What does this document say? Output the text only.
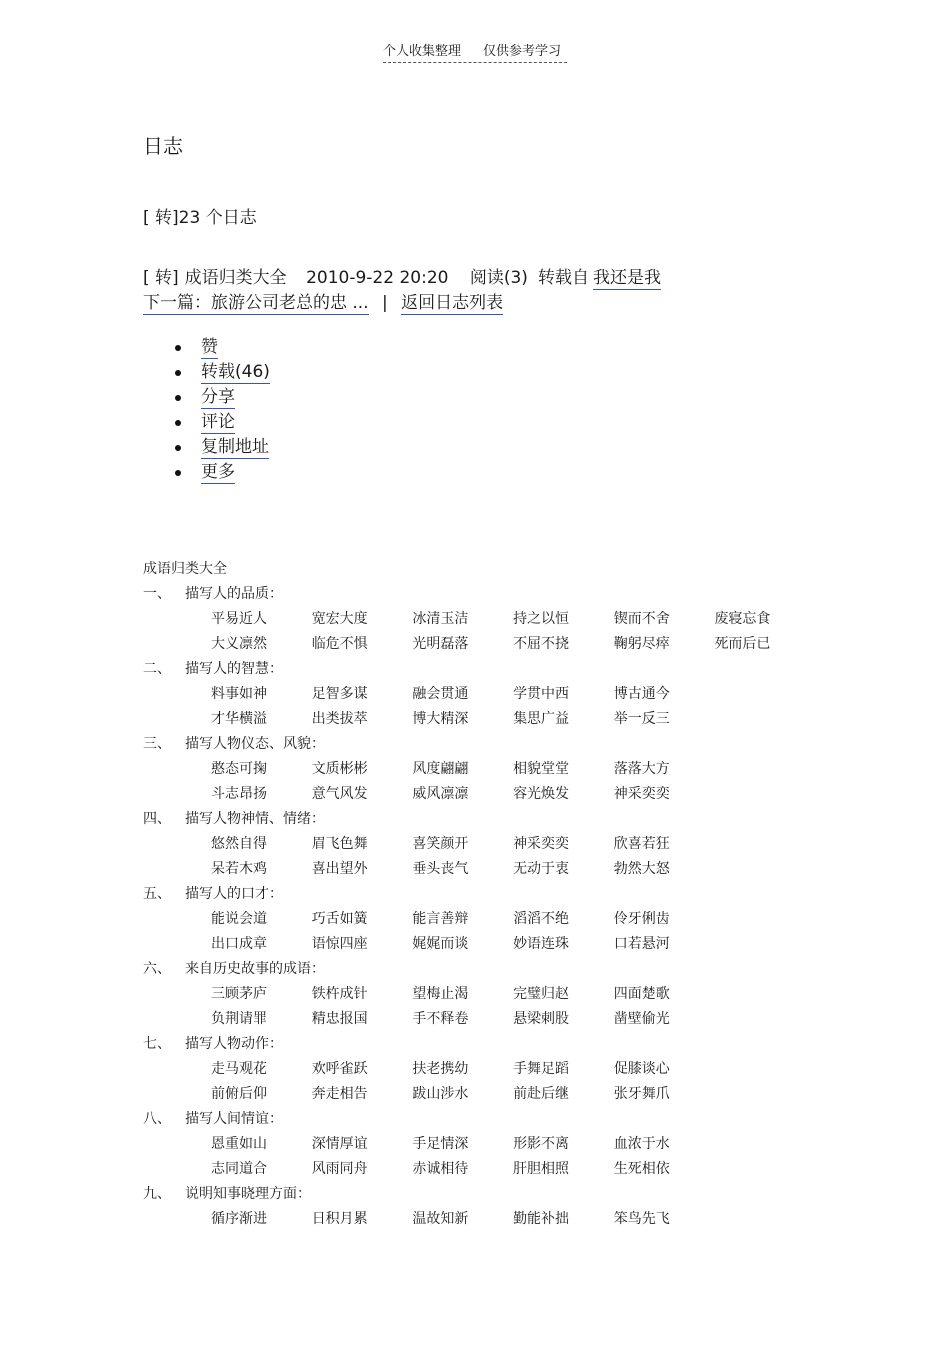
个人收集整理 仅供参考学习
日志
[ 转]23 个日志
[ 转] 成语归类大全 2010-9-22 20:20 阅读(3) 转载自 我还是我
下一篇：旅游公司老总的忠 ... | 返回日志列表
赞
转载(46)
分享
评论
复制地址
更多
成语归类大全
一、 描写人的品质：
平易近人	宽宏大度	冰清玉洁	持之以恒	锲而不舍	废寝忘食
大义凛然	临危不惧	光明磊落	不屈不挠	鞠躬尽瘁	死而后已
二、 描写人的智慧：
料事如神	足智多谋	融会贯通	学贯中西	博古通今
才华横溢	出类拔萃	博大精深	集思广益	举一反三
三、 描写人物仪态、风貌：
憨态可掬	文质彬彬	风度翩翩	相貌堂堂	落落大方
斗志昂扬	意气风发	威风凛凛	容光焕发	神采奕奕
四、 描写人物神情、情绪：
悠然自得	眉飞色舞	喜笑颜开	神采奕奕	欣喜若狂
呆若木鸡	喜出望外	垂头丧气	无动于衷	勃然大怒
五、 描写人的口才：
能说会道	巧舌如簧	能言善辩	滔滔不绝	伶牙俐齿
出口成章	语惊四座	娓娓而谈	妙语连珠	口若悬河
六、 来自历史故事的成语：
三顾茅庐	铁杵成针	望梅止渴	完璧归赵	四面楚歌
负荆请罪	精忠报国	手不释卷	悬梁刺股	凿壁偷光
七、 描写人物动作：
走马观花	欢呼雀跃	扶老携幼	手舞足蹈	促膝谈心
前俯后仰	奔走相告	跋山涉水	前赴后继	张牙舞爪
八、 描写人间情谊：
恩重如山	深情厚谊	手足情深	形影不离	血浓于水
志同道合	风雨同舟	赤诚相待	肝胆相照	生死相依
九、 说明知事晓理方面：
循序渐进	日积月累	温故知新	勤能补拙	笨鸟先飞
